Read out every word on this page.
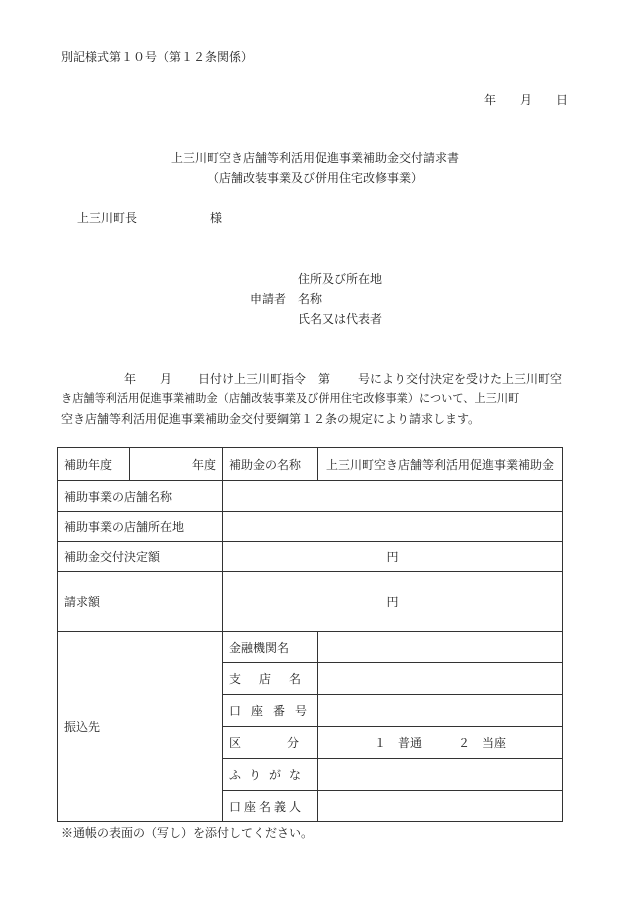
別記様式第１０号（第１２条関係）
年 月 日
上三川町空き店舗等利活用促進事業補助金交付請求書
（店舗改装事業及び併用住宅改修事業）
上三川町長	様
住所及び所在地
申請者 名称
氏名又は代表者
年 月 日付け上三川町指令 第 号により交付決定を受けた上三川町空
き店舗等利活用促進事業補助金（店舗改装事業及び併用住宅改修事業）について、上三川町
空き店舗等利活用促進事業補助金交付要綱第１２条の規定により請求します。
補助年度	年度	補助金の名称	上三川町空き店舗等利活用促進事業補助金
補助事業の店舗名称			
補助事業の店舗所在地			
補助金交付決定額		円	
請求額		円	
振込先		金融機関名	

		支店名	
		口座番号	
		区分	１　普通　　　２　当座
		ふりがな	
		口座名義人	
※通帳の表面の（写し）を添付してください。
